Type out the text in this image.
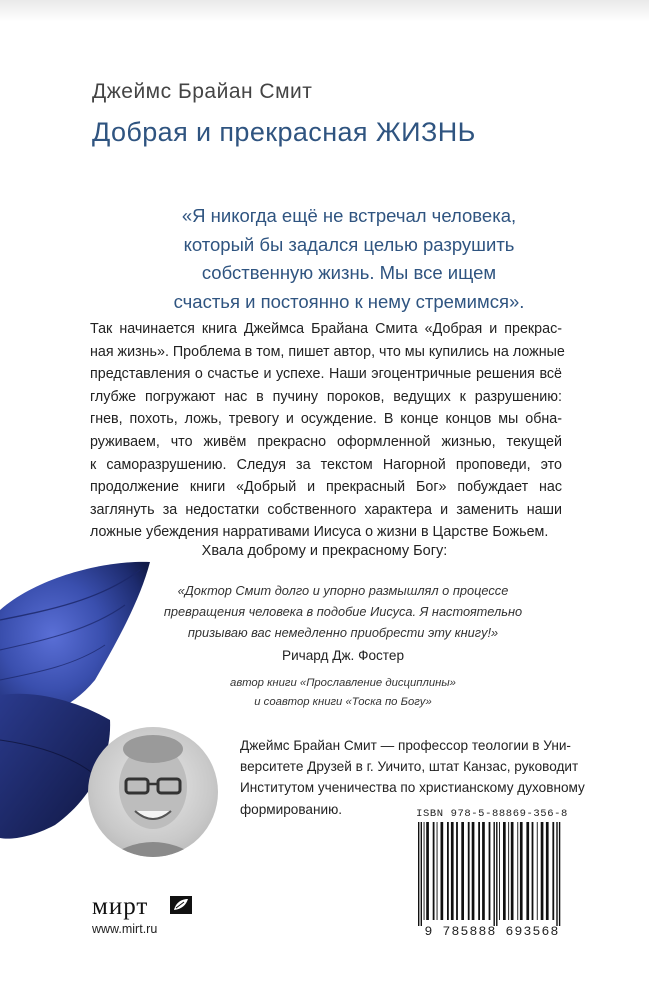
Джеймс Брайан Смит

Добрая и прекрасная ЖИЗНЬ

«Я никогда ещё не встречал человека,
который бы задался целью разрушить
собственную жизнь. Мы все ищем
счастья и постоянно к нему стремимся».

Так начинается книга Джеймса Брайана Смита «Добрая и прекрас-
ная жизнь». Проблема в том, пишет автор, что мы купились на ложные
представления о счастье и успехе. Наши эгоцентричные решения всё
глубже погружают нас в пучину пороков, ведущих к разрушению:
гнев, похоть, ложь, тревогу и осуждение. В конце концов мы обна-
руживаем, что живём прекрасно оформленной жизнью, текущей
к саморазрушению. Следуя за текстом Нагорной проповеди, это
продолжение книги «Добрый и прекрасный Бог» побуждает нас
заглянуть за недостатки собственного характера и заменить наши
ложные убеждения нарративами Иисуса о жизни в Царстве Божьем.

Хвала доброму и прекрасному Богу:

«Доктор Смит долго и упорно размышлял о процессе
превращения человека в подобие Иисуса. Я настоятельно
призываю вас немедленно приобрести эту книгу!»

Ричард Дж. Фостер

автор книги «Прославление дисциплины»
и соавтор книги «Тоска по Богу»

Джеймс Брайан Смит — профессор теологии в Уни-
верситете Друзей в г. Уичито, штат Канзас, руководит
Институтом ученичества по христианскому духовному
формированию.	ISBN 978-5-88869-356-8

9 785888 693568

мирт

www.mirt.ru
